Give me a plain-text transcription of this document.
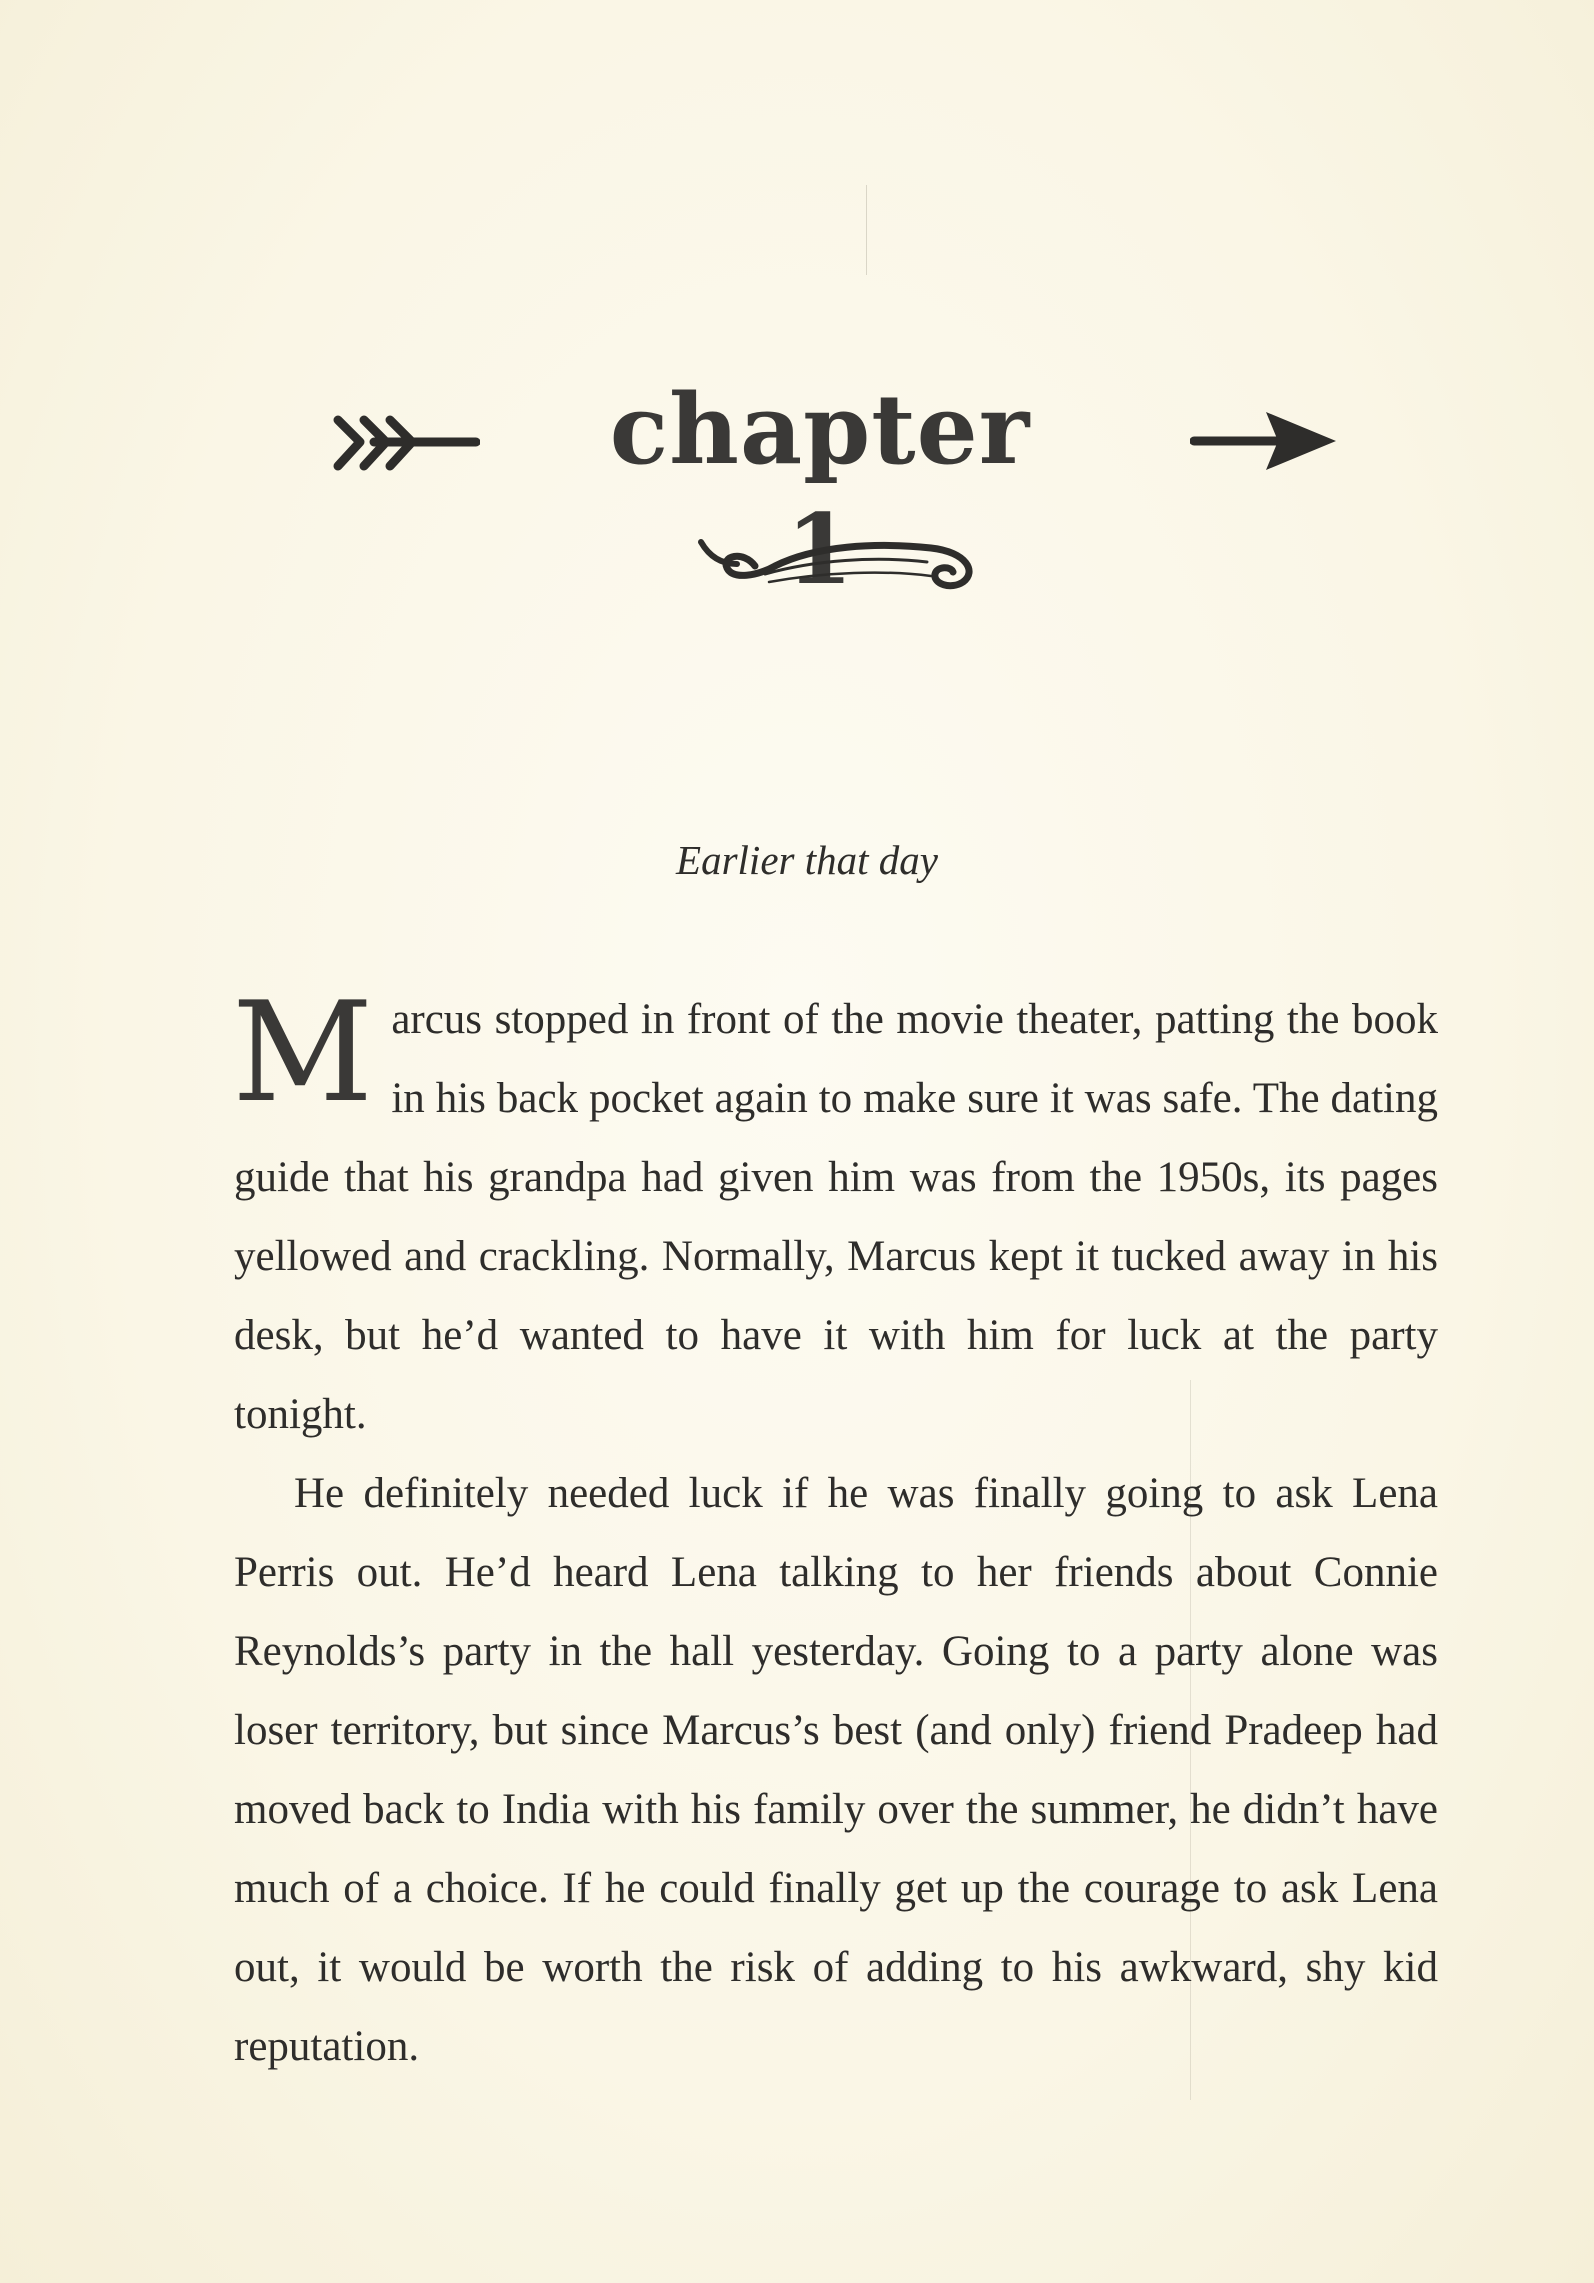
chapter 1
Earlier that day

Marcus stopped in front of the movie theater, patting the book in his back pocket again to make sure it was safe. The dating guide that his grandpa had given him was from the 1950s, its pages yellowed and crackling. Normally, Marcus kept it tucked away in his desk, but he’d wanted to have it with him for luck at the party tonight.

He definitely needed luck if he was finally going to ask Lena Perris out. He’d heard Lena talking to her friends about Connie Reynolds’s party in the hall yesterday. Going to a party alone was loser territory, but since Marcus’s best (and only) friend Pradeep had moved back to India with his family over the summer, he didn’t have much of a choice. If he could finally get up the courage to ask Lena out, it would be worth the risk of adding to his awkward, shy kid reputation.
